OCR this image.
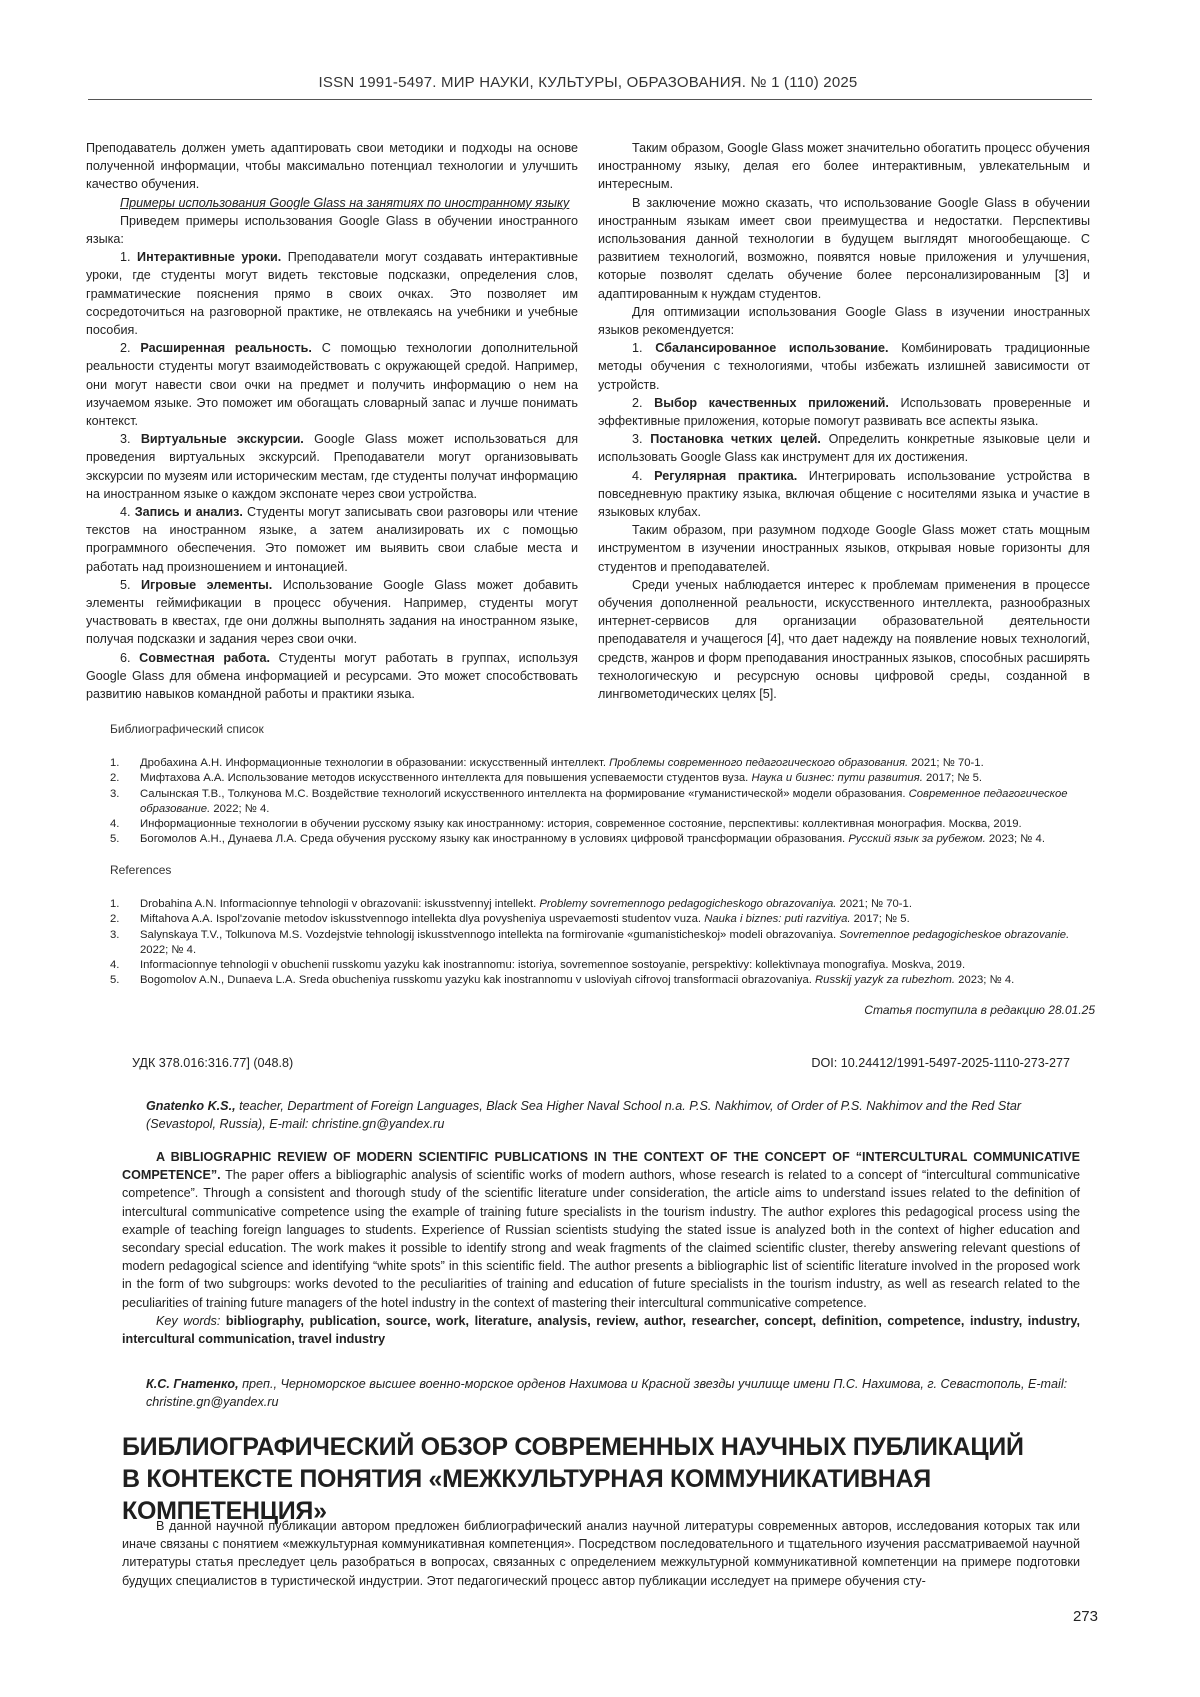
ISSN 1991-5497. МИР НАУКИ, КУЛЬТУРЫ, ОБРАЗОВАНИЯ. № 1 (110) 2025

Преподаватель должен уметь адаптировать свои методики и подходы на основе полученной информации, чтобы максимально потенциал технологии и улучшить качество обучения.

Примеры использования Google Glass на занятиях по иностранному языку

Приведем примеры использования Google Glass в обучении иностранного языка:

1. Интерактивные уроки. Преподаватели могут создавать интерактивные уроки, где студенты могут видеть текстовые подсказки, определения слов, грамматические пояснения прямо в своих очках. Это позволяет им сосредоточиться на разговорной практике, не отвлекаясь на учебники и учебные пособия.

2. Расширенная реальность. С помощью технологии дополнительной реальности студенты могут взаимодействовать с окружающей средой. Например, они могут навести свои очки на предмет и получить информацию о нем на изучаемом языке. Это поможет им обогащать словарный запас и лучше понимать контекст.

3. Виртуальные экскурсии. Google Glass может использоваться для проведения виртуальных экскурсий. Преподаватели могут организовывать экскурсии по музеям или историческим местам, где студенты получат информацию на иностранном языке о каждом экспонате через свои устройства.

4. Запись и анализ. Студенты могут записывать свои разговоры или чтение текстов на иностранном языке, а затем анализировать их с помощью программного обеспечения. Это поможет им выявить свои слабые места и работать над произношением и интонацией.

5. Игровые элементы. Использование Google Glass может добавить элементы геймификации в процесс обучения. Например, студенты могут участвовать в квестах, где они должны выполнять задания на иностранном языке, получая подсказки и задания через свои очки.

6. Совместная работа. Студенты могут работать в группах, используя Google Glass для обмена информацией и ресурсами. Это может способствовать развитию навыков командной работы и практики языка.

Таким образом, Google Glass может значительно обогатить процесс обучения иностранному языку, делая его более интерактивным, увлекательным и интересным.

В заключение можно сказать, что использование Google Glass в обучении иностранным языкам имеет свои преимущества и недостатки. Перспективы использования данной технологии в будущем выглядят многообещающе. С развитием технологий, возможно, появятся новые приложения и улучшения, которые позволят сделать обучение более персонализированным [3] и адаптированным к нуждам студентов.

Для оптимизации использования Google Glass в изучении иностранных языков рекомендуется:

1. Сбалансированное использование. Комбинировать традиционные методы обучения с технологиями, чтобы избежать излишней зависимости от устройств.

2. Выбор качественных приложений. Использовать проверенные и эффективные приложения, которые помогут развивать все аспекты языка.

3. Постановка четких целей. Определить конкретные языковые цели и использовать Google Glass как инструмент для их достижения.

4. Регулярная практика. Интегрировать использование устройства в повседневную практику языка, включая общение с носителями языка и участие в языковых клубах.

Таким образом, при разумном подходе Google Glass может стать мощным инструментом в изучении иностранных языков, открывая новые горизонты для студентов и преподавателей.

Среди ученых наблюдается интерес к проблемам применения в процессе обучения дополненной реальности, искусственного интеллекта, разнообразных интернет-сервисов для организации образовательной деятельности преподавателя и учащегося [4], что дает надежду на появление новых технологий, средств, жанров и форм преподавания иностранных языков, способных расширять технологическую и ресурсную основы цифровой среды, созданной в лингвометодических целях [5].

Библиографический список
1. Дробахина А.Н. Информационные технологии в образовании: искусственный интеллект. Проблемы современного педагогического образования. 2021; № 70-1.
2. Мифтахова А.А. Использование методов искусственного интеллекта для повышения успеваемости студентов вуза. Наука и бизнес: пути развития. 2017; № 5.
3. Салынская Т.В., Толкунова М.С. Воздействие технологий искусственного интеллекта на формирование «гуманистической» модели образования. Современное педагогическое образование. 2022; № 4.
4. Информационные технологии в обучении русскому языку как иностранному: история, современное состояние, перспективы: коллективная монография. Москва, 2019.
5. Богомолов А.Н., Дунаева Л.А. Среда обучения русскому языку как иностранному в условиях цифровой трансформации образования. Русский язык за рубежом. 2023; № 4.
References
1. Drobahina A.N. Informacionnye tehnologii v obrazovanii: iskusstvennyj intellekt. Problemy sovremennogo pedagogicheskogo obrazovaniya. 2021; № 70-1.
2. Miftahova A.A. Ispol'zovanie metodov iskusstvennogo intellekta dlya povysheniya uspevaemosti studentov vuza. Nauka i biznes: puti razvitiya. 2017; № 5.
3. Salynskaya T.V., Tolkunova M.S. Vozdejstvie tehnologij iskusstvennogo intellekta na formirovanie «gumanisticheskoj» modeli obrazovaniya. Sovremennoe pedagogicheskoe obrazovanie. 2022; № 4.
4. Informacionnye tehnologii v obuchenii russkomu yazyku kak inostrannomu: istoriya, sovremennoe sostoyanie, perspektivy: kollektivnaya monografiya. Moskva, 2019.
5. Bogomolov A.N., Dunaeva L.A. Sreda obucheniya russkomu yazyku kak inostrannomu v usloviyah cifrovoj transformacii obrazovaniya. Russkij yazyk za rubezhom. 2023; № 4.
Статья поступила в редакцию 28.01.25
УДК 378.016:316.77] (048.8)	DOI: 10.24412/1991-5497-2025-1110-273-277
Gnatenko K.S., teacher, Department of Foreign Languages, Black Sea Higher Naval School n.a. P.S. Nakhimov, of Order of P.S. Nakhimov and the Red Star (Sevastopol, Russia), E-mail: christine.gn@yandex.ru

A BIBLIOGRAPHIC REVIEW OF MODERN SCIENTIFIC PUBLICATIONS IN THE CONTEXT OF THE CONCEPT OF “INTERCULTURAL COMMUNICATIVE COMPETENCE”. The paper offers a bibliographic analysis of scientific works of modern authors, whose research is related to a concept of “intercultural communicative competence”. Through a consistent and thorough study of the scientific literature under consideration, the article aims to understand issues related to the definition of intercultural communicative competence using the example of training future specialists in the tourism industry. The author explores this pedagogical process using the example of teaching foreign languages to students. Experience of Russian scientists studying the stated issue is analyzed both in the context of higher education and secondary special education. The work makes it possible to identify strong and weak fragments of the claimed scientific cluster, thereby answering relevant questions of modern pedagogical science and identifying “white spots” in this scientific field. The author presents a bibliographic list of scientific literature involved in the proposed work in the form of two subgroups: works devoted to the peculiarities of training and education of future specialists in the tourism industry, as well as research related to the peculiarities of training future managers of the hotel industry in the context of mastering their intercultural communicative competence.

Key words: bibliography, publication, source, work, literature, analysis, review, author, researcher, concept, definition, competence, industry, industry, intercultural communication, travel industry

К.С. Гнатенко, преп., Черноморское высшее военно-морское орденов Нахимова и Красной звезды училище имени П.С. Нахимова, г. Севастополь, E-mail: christine.gn@yandex.ru
БИБЛИОГРАФИЧЕСКИЙ ОБЗОР СОВРЕМЕННЫХ НАУЧНЫХ ПУБЛИКАЦИЙ
В КОНТЕКСТЕ ПОНЯТИЯ «МЕЖКУЛЬТУРНАЯ КОММУНИКАТИВНАЯ КОМПЕТЕНЦИЯ»

В данной научной публикации автором предложен библиографический анализ научной литературы современных авторов, исследования которых так или иначе связаны с понятием «межкультурная коммуникативная компетенция». Посредством последовательного и тщательного изучения рассматриваемой научной литературы статья преследует цель разобраться в вопросах, связанных с определением межкультурной коммуникативной компетенции на примере подготовки будущих специалистов в туристической индустрии. Этот педагогический процесс автор публикации исследует на примере обучения сту-

273
